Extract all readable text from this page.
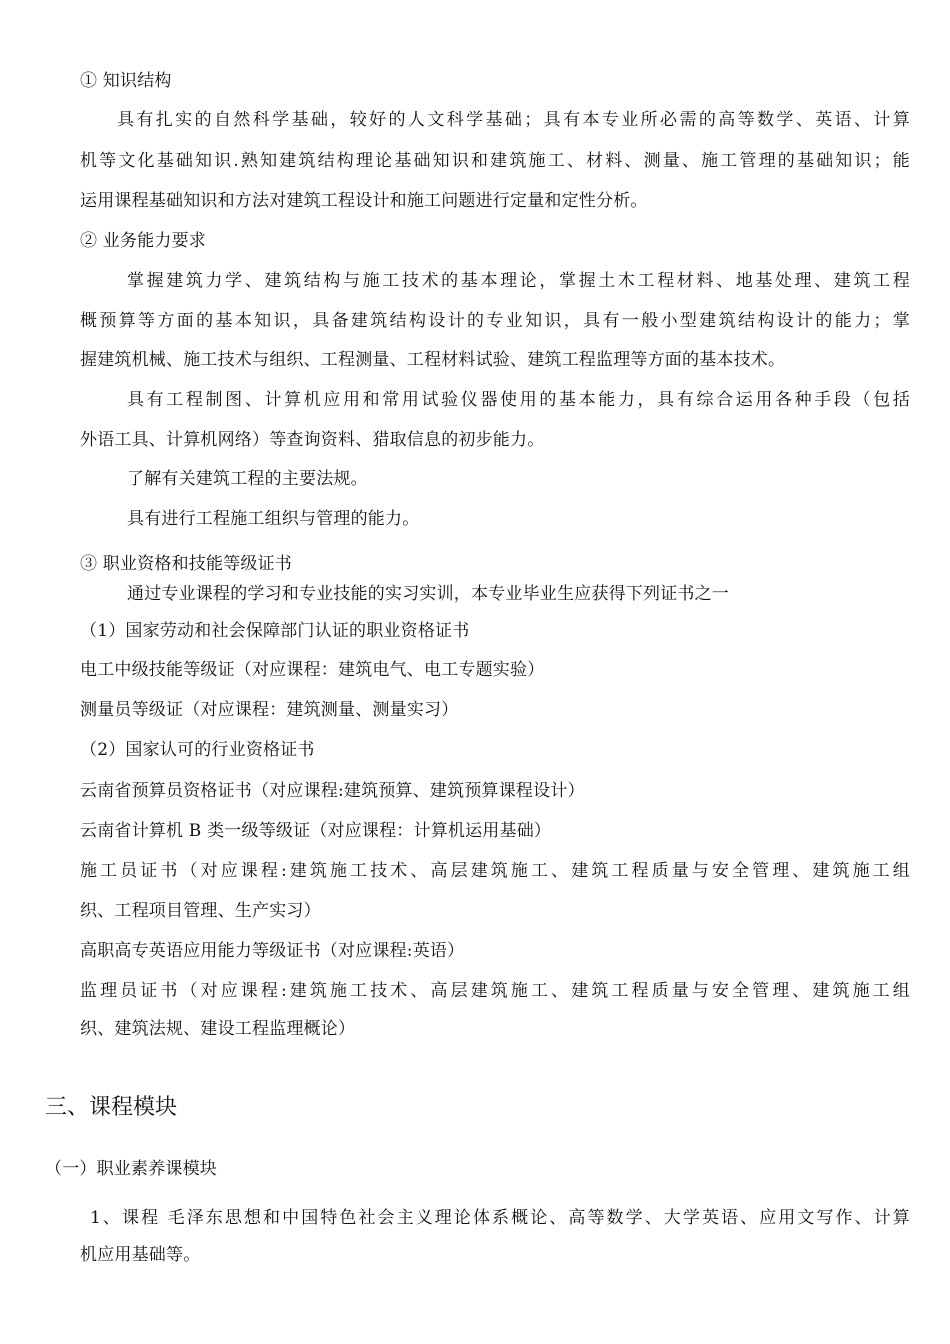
① 知识结构
具有扎实的自然科学基础，较好的人文科学基础；具有本专业所必需的高等数学、英语、计算
机等文化基础知识.熟知建筑结构理论基础知识和建筑施工、材料、测量、施工管理的基础知识；能
运用课程基础知识和方法对建筑工程设计和施工问题进行定量和定性分析。
② 业务能力要求
掌握建筑力学、建筑结构与施工技术的基本理论，掌握土木工程材料、地基处理、建筑工程
概预算等方面的基本知识，具备建筑结构设计的专业知识，具有一般小型建筑结构设计的能力；掌
握建筑机械、施工技术与组织、工程测量、工程材料试验、建筑工程监理等方面的基本技术。
具有工程制图、计算机应用和常用试验仪器使用的基本能力，具有综合运用各种手段（包括
外语工具、计算机网络）等查询资料、猎取信息的初步能力。
了解有关建筑工程的主要法规。
具有进行工程施工组织与管理的能力。
③ 职业资格和技能等级证书
通过专业课程的学习和专业技能的实习实训，本专业毕业生应获得下列证书之一
（1）国家劳动和社会保障部门认证的职业资格证书
电工中级技能等级证（对应课程：建筑电气、电工专题实验）
测量员等级证（对应课程：建筑测量、测量实习）
（2）国家认可的行业资格证书
云南省预算员资格证书（对应课程:建筑预算、建筑预算课程设计）
云南省计算机 B 类一级等级证（对应课程：计算机运用基础）
施工员证书（对应课程:建筑施工技术、高层建筑施工、建筑工程质量与安全管理、建筑施工组
织、工程项目管理、生产实习）
高职高专英语应用能力等级证书（对应课程:英语）
监理员证书（对应课程:建筑施工技术、高层建筑施工、建筑工程质量与安全管理、建筑施工组
织、建筑法规、建设工程监理概论）
三、课程模块
（一）职业素养课模块
1、课程 毛泽东思想和中国特色社会主义理论体系概论、高等数学、大学英语、应用文写作、计算
机应用基础等。
